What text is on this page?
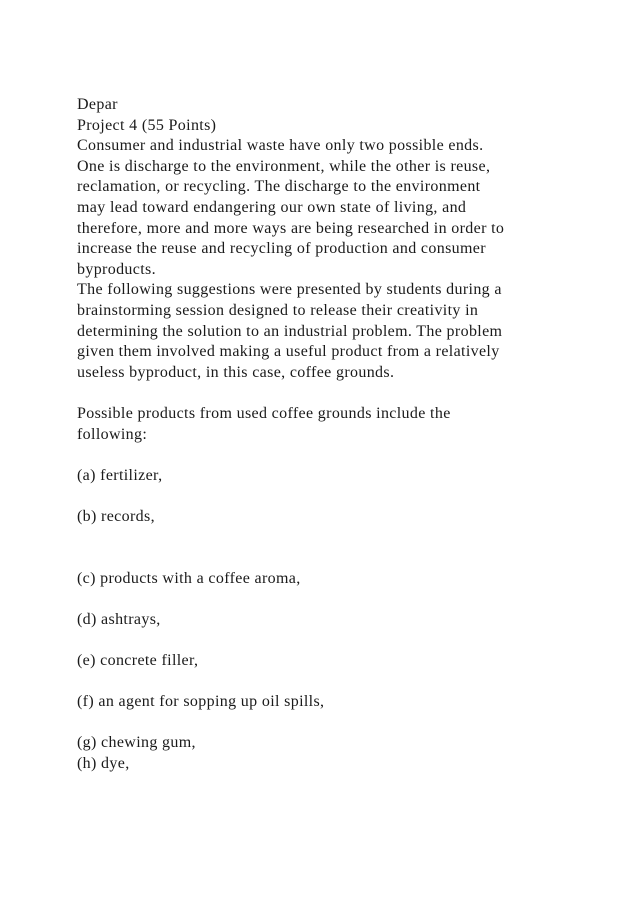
Depar
Project 4 (55 Points)
Consumer and industrial waste have only two possible ends.
One is discharge to the environment, while the other is reuse,
reclamation, or recycling. The discharge to the environment
may lead toward endangering our own state of living, and
therefore, more and more ways are being researched in order to
increase the reuse and recycling of production and consumer
byproducts.
The following suggestions were presented by students during a
brainstorming session designed to release their creativity in
determining the solution to an industrial problem. The problem
given them involved making a useful product from a relatively
useless byproduct, in this case, coffee grounds.
Possible products from used coffee grounds include the
following:
(a) fertilizer,
(b) records,
(c) products with a coffee aroma,
(d) ashtrays,
(e) concrete filler,
(f) an agent for sopping up oil spills,
(g) chewing gum,
(h) dye,
